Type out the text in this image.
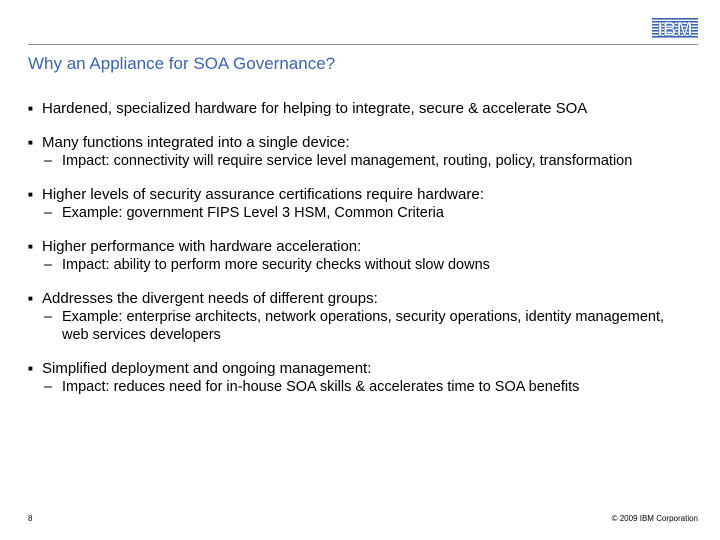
IBM
Why an Appliance for SOA Governance?
■
Hardened, specialized hardware for helping to integrate, secure & accelerate SOA
■
Many functions integrated into a single device:
– Impact: connectivity will require service level management, routing, policy, transformation
■
Higher levels of security assurance certifications require hardware:
– Example: government FIPS Level 3 HSM, Common Criteria
■
Higher performance with hardware acceleration:
– Impact: ability to perform more security checks without slow downs
■
Addresses the divergent needs of different groups:
– Example: enterprise architects, network operations, security operations, identity management, web services developers
■
Simplified deployment and ongoing management:
– Impact: reduces need for in-house SOA skills & accelerates time to SOA benefits
8	© 2009 IBM Corporation
